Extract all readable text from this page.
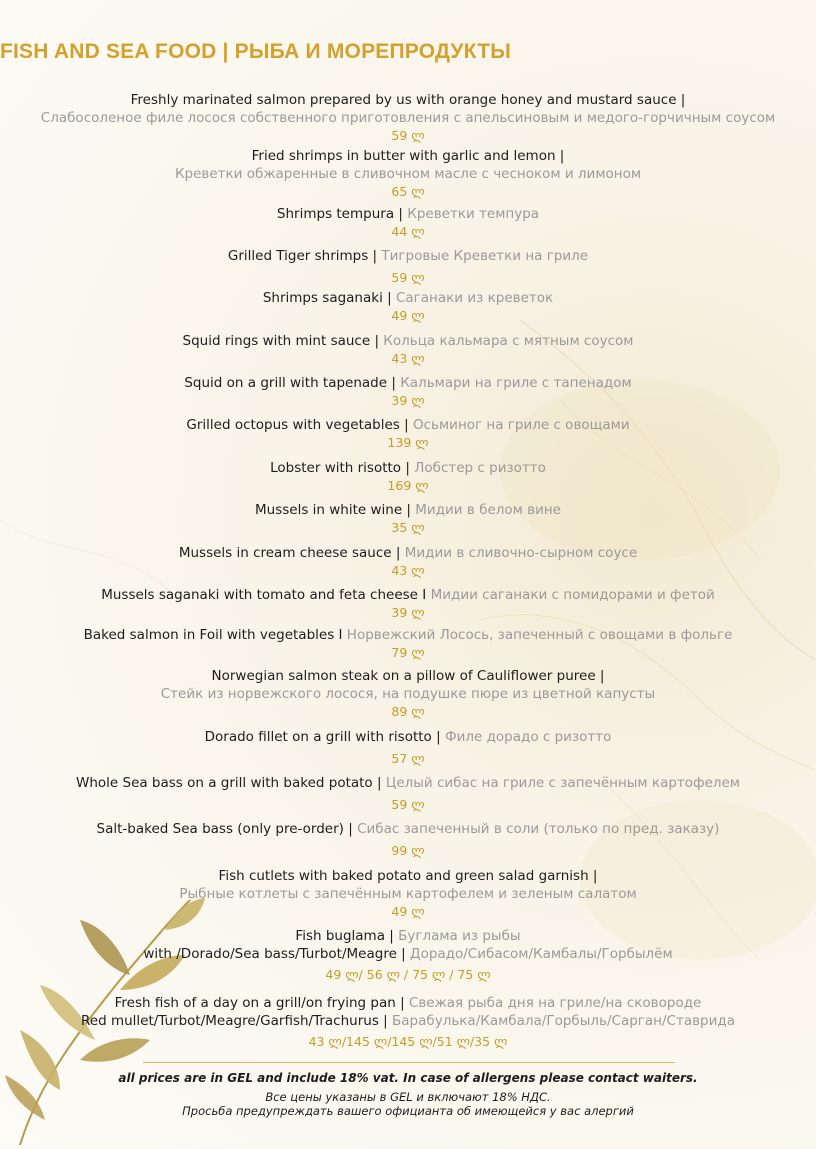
FISH AND SEA FOOD | РЫБА И МОРЕПРОДУКТЫ
Freshly marinated salmon prepared by us with orange honey and mustard sauce |
Слабосоленое филе лосося собственного приготовления с апельсиновым и медого-горчичным соусом
59 ლ
Fried shrimps in butter with garlic and lemon |
Креветки обжаренные в сливочном масле с чесноком и лимоном
65 ლ
Shrimps tempura | Креветки темпура
44 ლ
Grilled Tiger shrimps | Тигровые Креветки на гриле
59 ლ
Shrimps saganaki | Саганаки из креветок
49 ლ
Squid rings with mint sauce | Кольца кальмара с мятным соусом
43 ლ
Squid on a grill with tapenade | Кальмари на гриле с тапенадом
39 ლ
Grilled octopus with vegetables | Осьминог на гриле с овощами
139 ლ
Lobster with risotto | Лобстер с ризотто
169 ლ
Mussels in white wine | Мидии в белом вине
35 ლ
Mussels in cream cheese sauce | Мидии в сливочно-сырном соусе
43 ლ
Mussels saganaki with tomato and feta cheese I Мидии саганаки с помидорами и фетой
39 ლ
Baked salmon in Foil with vegetables I Норвежский Лосось, запеченный с овощами в фольге
79 ლ
Norwegian salmon steak on a pillow of Cauliflower puree |
Стейк из норвежского лосося, на подушке пюре из цветной капусты
89 ლ
Dorado fillet on a grill with risotto | Филе дорадо с ризотто
57 ლ
Whole Sea bass on a grill with baked potato | Целый сибас на гриле с запечённым картофелем
59 ლ
Salt-baked Sea bass (only pre-order) | Сибас запеченный в соли (только по пред. заказу)
99 ლ
Fish cutlets with baked potato and green salad garnish |
Рыбные котлеты с запечённым картофелем и зеленым салатом
49 ლ
Fish buglama | Буглама из рыбы
with /Dorado/Sea bass/Turbot/Meagre | Дорадо/Сибасом/Камбалы/Горбылём
49 ლ/ 56 ლ / 75 ლ / 75 ლ
Fresh fish of a day on a grill/on frying pan | Свежая рыба дня на гриле/на сковороде
Red mullet/Turbot/Meagre/Garfish/Trachurus | Барабулька/Камбала/Горбыль/Сарган/Ставрида
43 ლ/145 ლ/145 ლ/51 ლ/35 ლ
all prices are in GEL and include 18% vat. In case of allergens please contact waiters.
Все цены указаны в GEL и включают 18% НДС.
Просьба предупреждать вашего официанта об имеющейся у вас алергий
